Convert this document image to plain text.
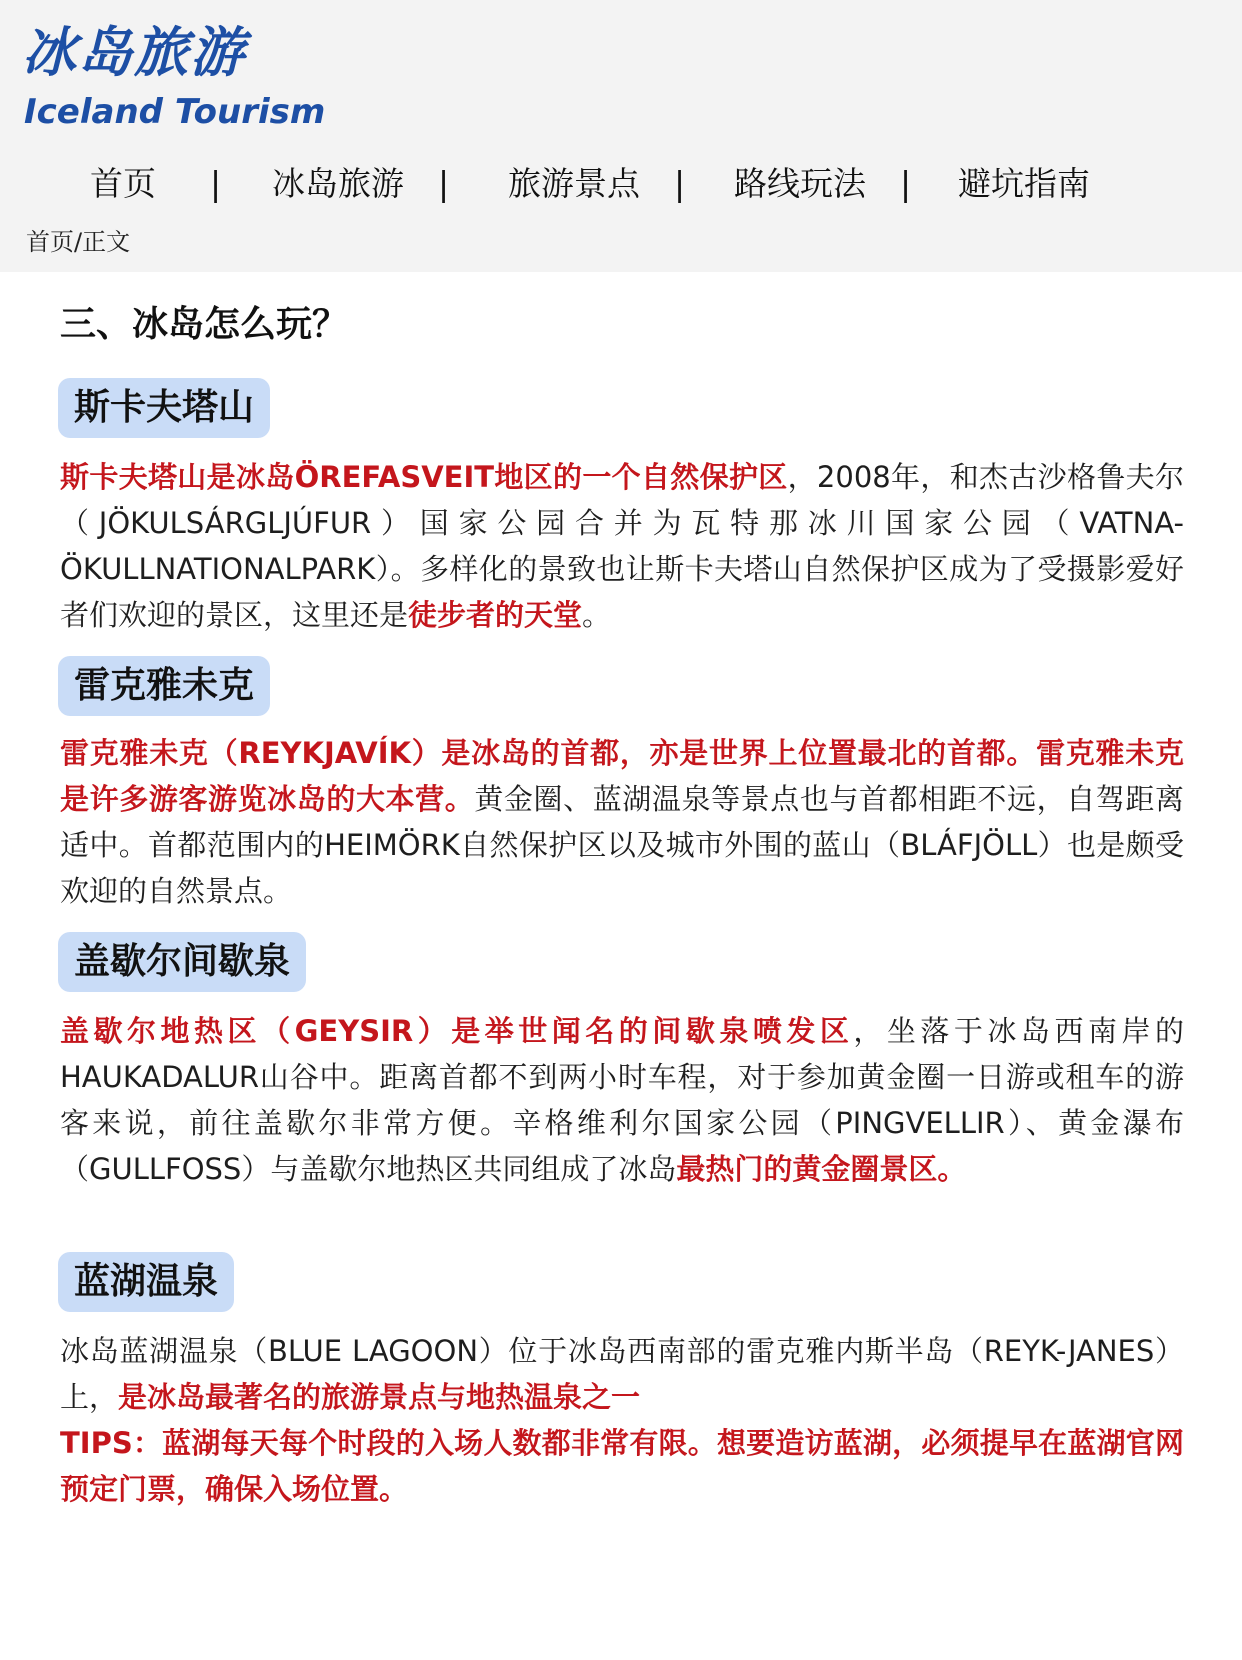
冰岛旅游
Iceland Tourism
首页 | 冰岛旅游 | 旅游景点 | 路线玩法 | 避坑指南
首页/正文
三、冰岛怎么玩？
斯卡夫塔山

斯卡夫塔山是冰岛ÖREFASVEIT地区的一个自然保护区，2008年，和杰古沙格鲁夫尔（JÖKULSÁRGLJÚFUR）国家公园合并为瓦特那冰川国家公园（VATNA-ÖKULLNATIONALPARK）。多样化的景致也让斯卡夫塔山自然保护区成为了受摄影爱好者们欢迎的景区，这里还是徒步者的天堂。

雷克雅未克

雷克雅未克（REYKJAVÍK）是冰岛的首都，亦是世界上位置最北的首都。雷克雅未克是许多游客游览冰岛的大本营。黄金圈、蓝湖温泉等景点也与首都相距不远，自驾距离适中。首都范围内的HEIMÖRK自然保护区以及城市外围的蓝山（BLÁFJÖLL）也是颇受欢迎的自然景点。

盖歇尔间歇泉

盖歇尔地热区（GEYSIR）是举世闻名的间歇泉喷发区，坐落于冰岛西南岸的HAUKADALUR山谷中。距离首都不到两小时车程，对于参加黄金圈一日游或租车的游客来说，前往盖歇尔非常方便。辛格维利尔国家公园（PINGVELLIR）、黄金瀑布（GULLFOSS）与盖歇尔地热区共同组成了冰岛最热门的黄金圈景区。

蓝湖温泉

冰岛蓝湖温泉（BLUE LAGOON）位于冰岛西南部的雷克雅内斯半岛（REYK-JANES）上，是冰岛最著名的旅游景点与地热温泉之一

TIPS：蓝湖每天每个时段的入场人数都非常有限。想要造访蓝湖，必须提早在蓝湖官网预定门票，确保入场位置。
